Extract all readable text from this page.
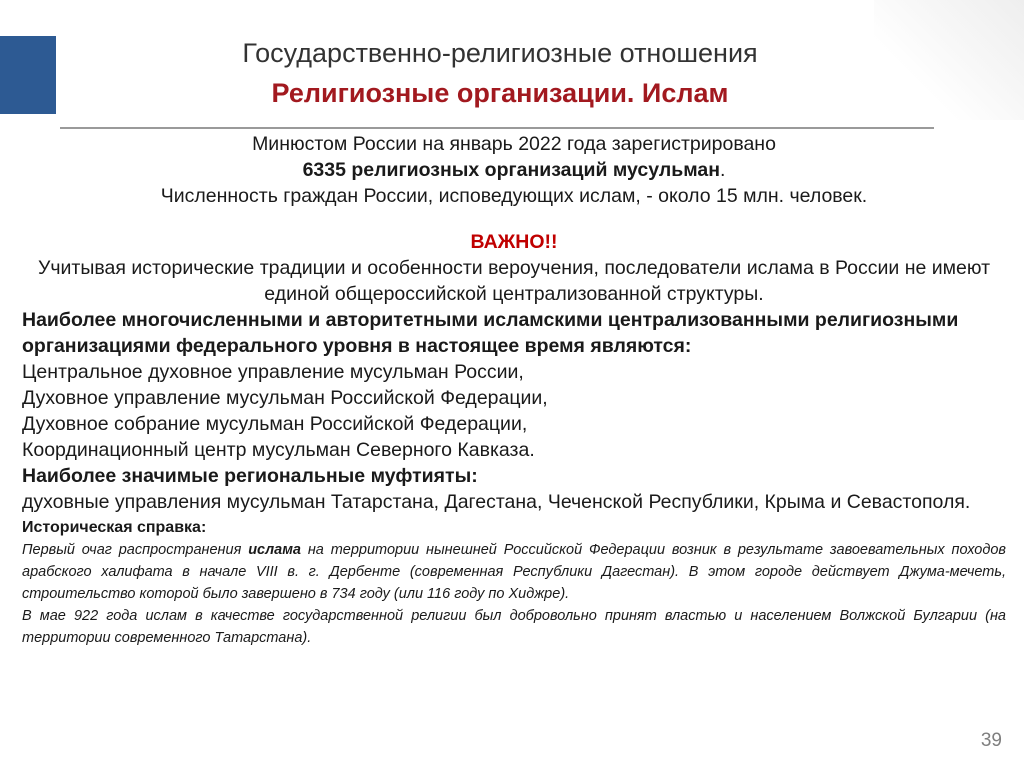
Государственно-религиозные отношения
Религиозные организации. Ислам

Минюстом России на январь 2022 года зарегистрировано

6335 религиозных организаций мусульман.

Численность граждан России, исповедующих ислам, - около 15 млн. человек.

ВАЖНО!!

Учитывая исторические традиции и особенности вероучения, последователи ислама в России не имеют единой общероссийской централизованной структуры.

Наиболее многочисленными и авторитетными исламскими централизованными религиозными организациями федерального уровня в настоящее время являются:

Центральное духовное управление мусульман России,

Духовное управление мусульман Российской Федерации,

Духовное собрание мусульман Российской Федерации,

Координационный центр мусульман Северного Кавказа.

Наиболее значимые региональные муфтияты:

духовные управления мусульман Татарстана, Дагестана, Чеченской Республики, Крыма и Севастополя.

Историческая справка:

Первый очаг распространения ислама на территории нынешней Российской Федерации возник в результате завоевательных походов арабского халифата в начале VIII в. г. Дербенте (современная Республики Дагестан). В этом городе действует Джума-мечеть, строительство которой было завершено в 734 году (или 116 году по Хиджре).

В мае 922 года ислам в качестве государственной религии был добровольно принят властью и населением Волжской Булгарии (на территории современного Татарстана).

39
